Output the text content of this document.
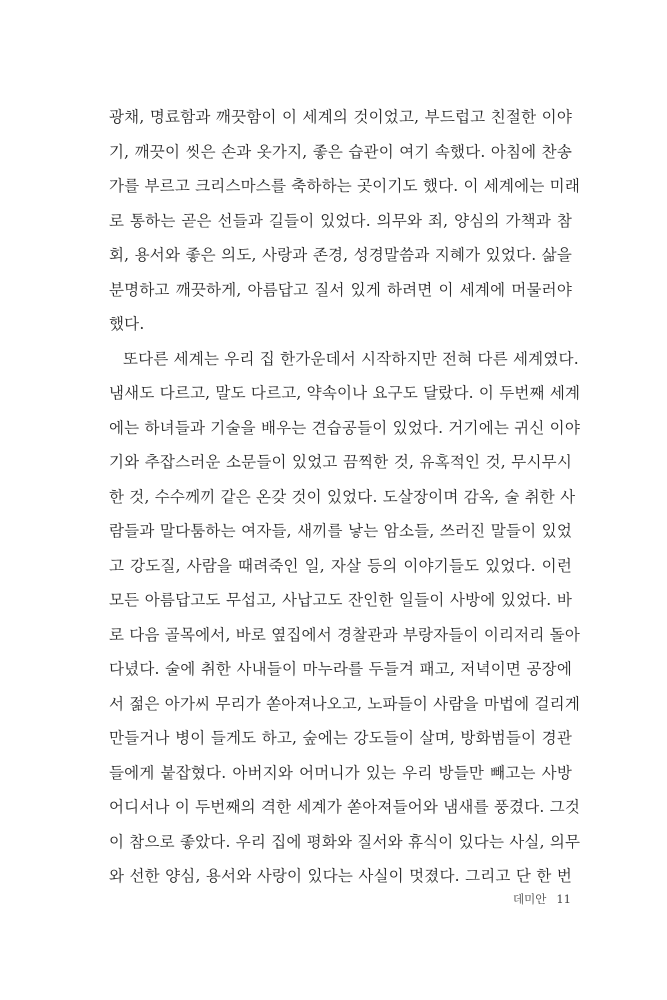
광채, 명료함과 깨끗함이 이 세계의 것이었고, 부드럽고 친절한 이야
기, 깨끗이 씻은 손과 옷가지, 좋은 습관이 여기 속했다. 아침에 찬송
가를 부르고 크리스마스를 축하하는 곳이기도 했다. 이 세계에는 미래
로 통하는 곧은 선들과 길들이 있었다. 의무와 죄, 양심의 가책과 참
회, 용서와 좋은 의도, 사랑과 존경, 성경말씀과 지혜가 있었다. 삶을
분명하고 깨끗하게, 아름답고 질서 있게 하려면 이 세계에 머물러야
했다.
또다른 세계는 우리 집 한가운데서 시작하지만 전혀 다른 세계였다.
냄새도 다르고, 말도 다르고, 약속이나 요구도 달랐다. 이 두번째 세계
에는 하녀들과 기술을 배우는 견습공들이 있었다. 거기에는 귀신 이야
기와 추잡스러운 소문들이 있었고 끔찍한 것, 유혹적인 것, 무시무시
한 것, 수수께끼 같은 온갖 것이 있었다. 도살장이며 감옥, 술 취한 사
람들과 말다툼하는 여자들, 새끼를 낳는 암소들, 쓰러진 말들이 있었
고 강도질, 사람을 때려죽인 일, 자살 등의 이야기들도 있었다. 이런
모든 아름답고도 무섭고, 사납고도 잔인한 일들이 사방에 있었다. 바
로 다음 골목에서, 바로 옆집에서 경찰관과 부랑자들이 이리저리 돌아
다녔다. 술에 취한 사내들이 마누라를 두들겨 패고, 저녁이면 공장에
서 젊은 아가씨 무리가 쏟아져나오고, 노파들이 사람을 마법에 걸리게
만들거나 병이 들게도 하고, 숲에는 강도들이 살며, 방화범들이 경관
들에게 붙잡혔다. 아버지와 어머니가 있는 우리 방들만 빼고는 사방
어디서나 이 두번째의 격한 세계가 쏟아져들어와 냄새를 풍겼다. 그것
이 참으로 좋았다. 우리 집에 평화와 질서와 휴식이 있다는 사실, 의무
와 선한 양심, 용서와 사랑이 있다는 사실이 멋졌다. 그리고 단 한 번
데미안 11
